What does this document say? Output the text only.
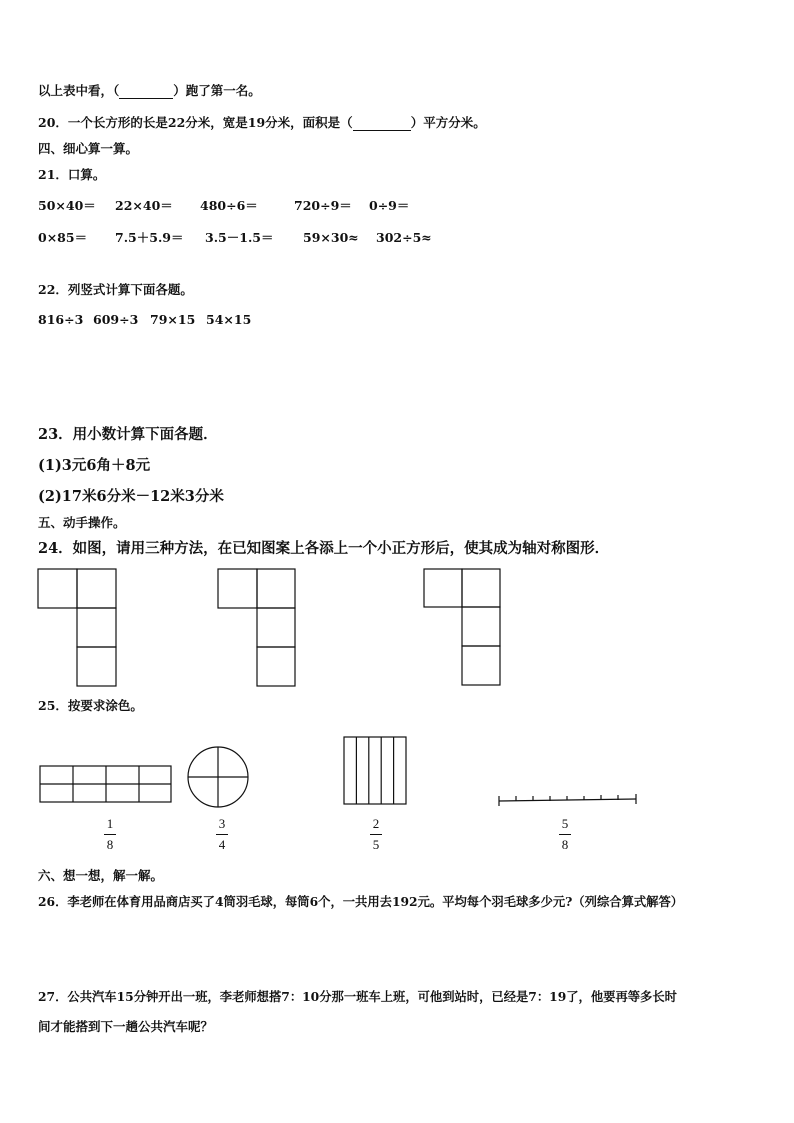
以上表中看，（	）跑了第一名。
20．一个长方形的长是22分米，宽是19分米，面积是（	）平方分米。
四、细心算一算。
21．口算。
50×40＝ 22×40＝ 480÷6＝	720÷9＝ 0÷9＝
0×85＝ 7.5＋5.9＝ 3.5－1.5＝ 59×30≈ 302÷5≈
22．列竖式计算下面各题。
816÷3 609÷3 79×15 54×15
23．用小数计算下面各题．
(1)3元6角＋8元
(2)17米6分米－12米3分米
五、动手操作。
24．如图，请用三种方法，在已知图案上各添上一个小正方形后，使其成为轴对称图形．
25．按要求涂色。
1
8
3
4
2
5
5
8
六、想一想，解一解。
26．李老师在体育用品商店买了4筒羽毛球，每筒6个，一共用去192元。平均每个羽毛球多少元?（列综合算式解答）
27．公共汽车15分钟开出一班，李老师想搭7：10分那一班车上班，可他到站时，已经是7：19了，他要再等多长时
间才能搭到下一趟公共汽车呢？
